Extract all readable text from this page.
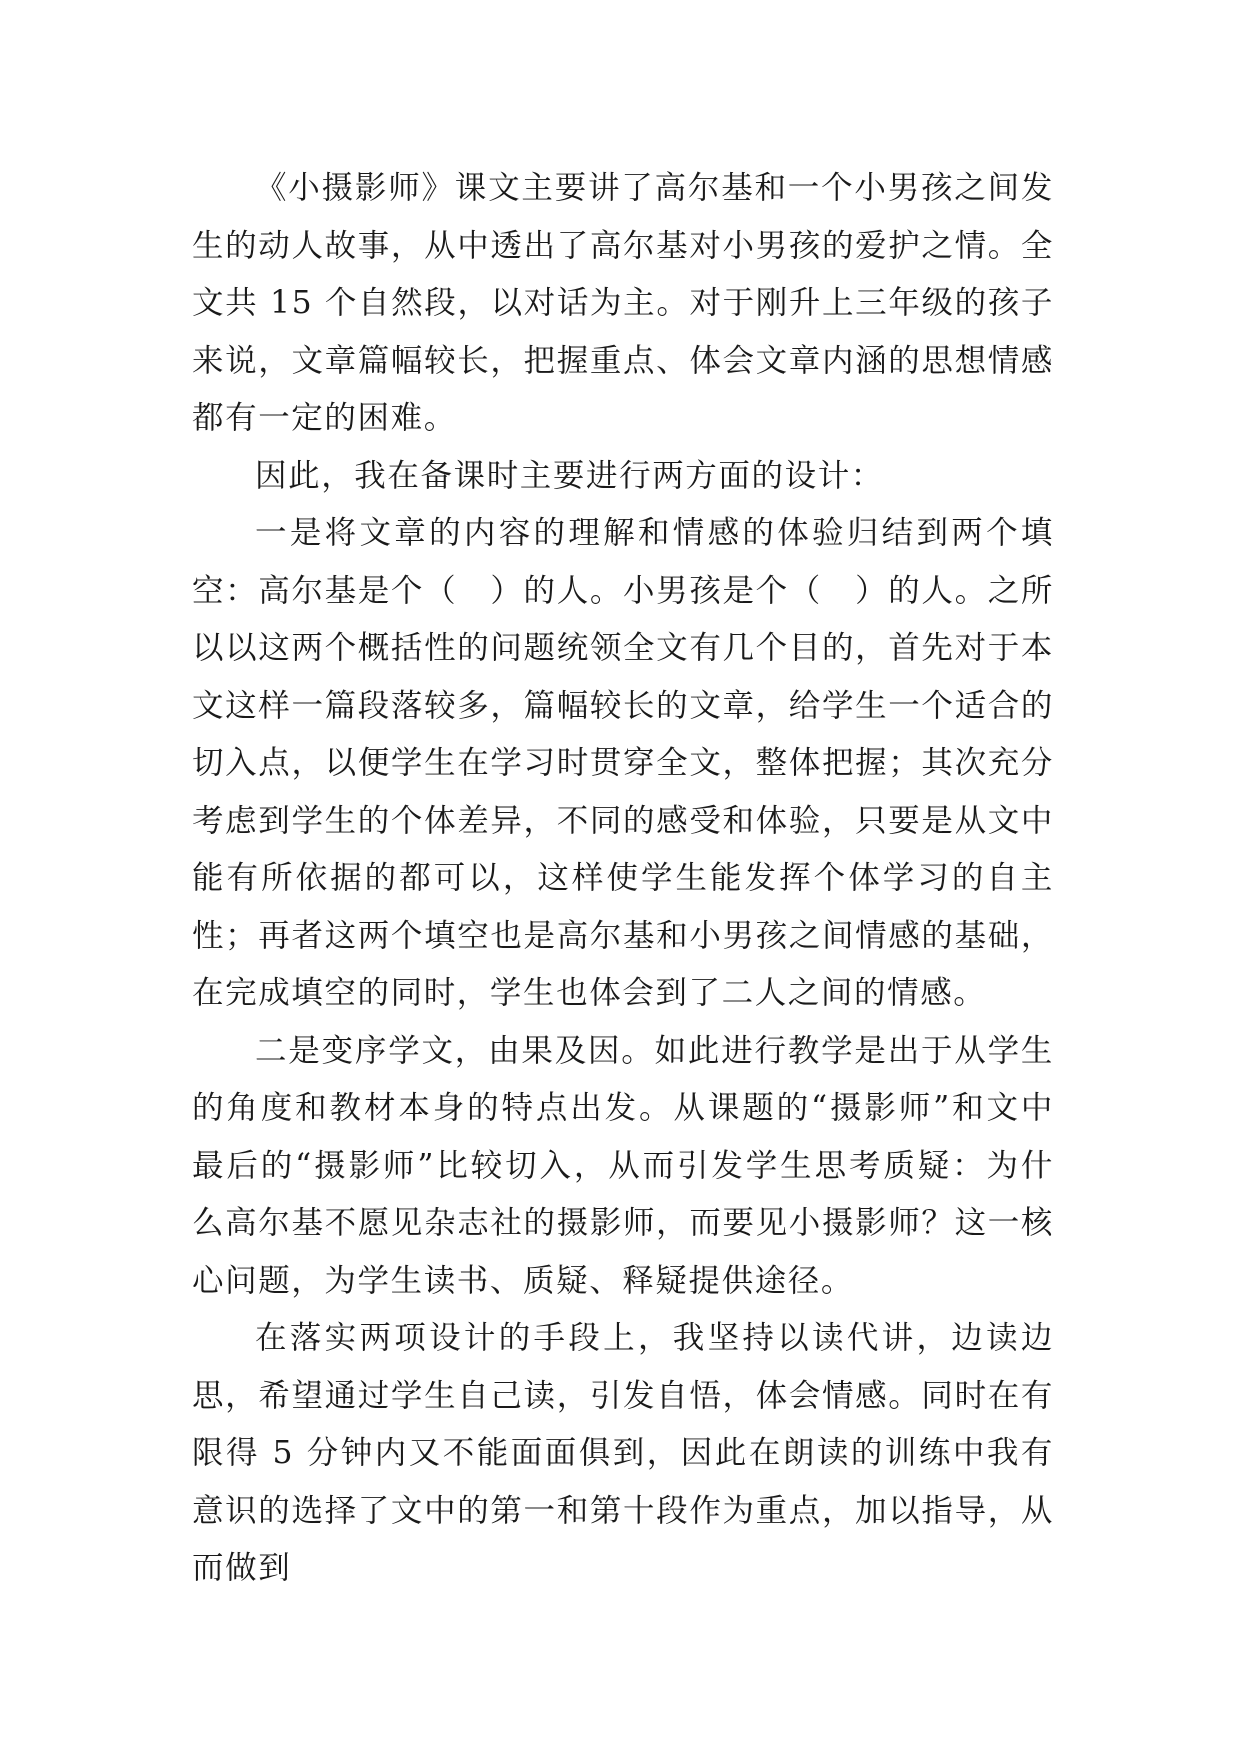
《小摄影师》课文主要讲了高尔基和一个小男孩之间发生的动人故事，从中透出了高尔基对小男孩的爱护之情。全文共 15 个自然段，以对话为主。对于刚升上三年级的孩子来说，文章篇幅较长，把握重点、体会文章内涵的思想情感都有一定的困难。

因此，我在备课时主要进行两方面的设计：

一是将文章的内容的理解和情感的体验归结到两个填空：高尔基是个（　）的人。小男孩是个（　）的人。之所以以这两个概括性的问题统领全文有几个目的，首先对于本文这样一篇段落较多，篇幅较长的文章，给学生一个适合的切入点，以便学生在学习时贯穿全文，整体把握；其次充分考虑到学生的个体差异，不同的感受和体验，只要是从文中能有所依据的都可以，这样使学生能发挥个体学习的自主性；再者这两个填空也是高尔基和小男孩之间情感的基础，在完成填空的同时，学生也体会到了二人之间的情感。

二是变序学文，由果及因。如此进行教学是出于从学生的角度和教材本身的特点出发。从课题的“摄影师”和文中最后的“摄影师”比较切入，从而引发学生思考质疑：为什么高尔基不愿见杂志社的摄影师，而要见小摄影师？这一核心问题，为学生读书、质疑、释疑提供途径。

在落实两项设计的手段上，我坚持以读代讲，边读边思，希望通过学生自己读，引发自悟，体会情感。同时在有限得 5 分钟内又不能面面俱到，因此在朗读的训练中我有意识的选择了文中的第一和第十段作为重点，加以指导，从而做到
